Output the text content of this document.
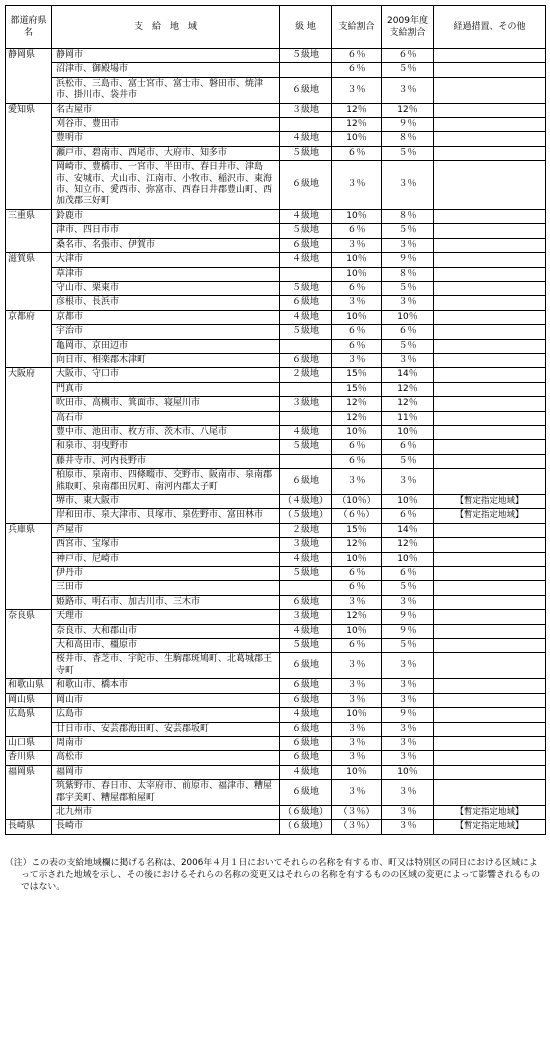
都道府県名	支　給　地　域	級 地	支給割合	2009年度支給割合	経過措置、その他
静岡県	静岡市	５級地	６％	６％	
	沼津市、御殿場市		６％	５％	
	浜松市、三島市、富士宮市、富士市、磐田市、焼津市、掛川市、袋井市	６級地	３％	３％	
愛知県	名古屋市	３級地	12％	12％	
	刈谷市、豊田市		12％	９％	
	豊明市	４級地	10％	８％	
	瀬戸市、碧南市、西尾市、大府市、知多市	５級地	６％	５％	
	岡崎市、豊橋市、一宮市、半田市、春日井市、津島市、安城市、犬山市、江南市、小牧市、稲沢市、東海市、知立市、愛西市、弥富市、西春日井郡豊山町、西加茂郡三好町	６級地	３％	３％	
三重県	鈴鹿市	４級地	10％	８％	
	津市、四日市市	５級地	６％	５％	
	桑名市、名張市、伊賀市	６級地	３％	３％	
滋賀県	大津市	４級地	10％	９％	
	草津市		10％	８％	
	守山市、栗東市	５級地	６％	５％	
	彦根市、長浜市	６級地	３％	３％	
京都府	京都市	４級地	10％	10％	
	宇治市	５級地	６％	６％	
	亀岡市、京田辺市		６％	５％	
	向日市、相楽郡木津町	６級地	３％	３％	
大阪府	大阪市、守口市	２級地	15％	14％	
	門真市		15％	12％	
	吹田市、高槻市、箕面市、寝屋川市	３級地	12％	12％	
	高石市		12％	11％	
	豊中市、池田市、枚方市、茨木市、八尾市	４級地	10％	10％	
	和泉市、羽曳野市	５級地	６％	６％	
	藤井寺市、河内長野市		６％	５％	
	柏原市、泉南市、四條畷市、交野市、阪南市、泉南郡熊取町、泉南郡田尻町、南河内郡太子町	６級地	３％	３％	
	堺市、東大阪市	（４級地）	（10％）	10％	【暫定指定地域】
	岸和田市、泉大津市、貝塚市、泉佐野市、富田林市	（５級地）	（６％）	６％	【暫定指定地域】
兵庫県	芦屋市	２級地	15％	14％	
	西宮市、宝塚市	３級地	12％	12％	
	神戸市、尼崎市	４級地	10％	10％	
	伊丹市	５級地	６％	６％	
	三田市		６％	５％	
	姫路市、明石市、加古川市、三木市	６級地	３％	３％	
奈良県	天理市	３級地	12％	９％	
	奈良市、大和郡山市	４級地	10％	９％	
	大和高田市、橿原市	５級地	６％	５％	
	桜井市、香芝市、宇陀市、生駒郡斑鳩町、北葛城郡王寺町	６級地	３％	３％	
和歌山県	和歌山市、橋本市	６級地	３％	３％	
岡山県	岡山市	６級地	３％	３％	
広島県	広島市	４級地	10％	９％	
	廿日市市、安芸郡海田町、安芸郡坂町	６級地	３％	３％	
山口県	周南市	６級地	３％	３％	
香川県	高松市	６級地	３％	３％	
福岡県	福岡市	４級地	10％	10％	
	筑紫野市、春日市、太宰府市、前原市、福津市、糟屋郡宇美町、糟屋郡粕屋町	６級地	３％	３％	
	北九州市	（６級地）	（３％）	３％	【暫定指定地域】
長崎県	長崎市	（６級地）	（３％）	３％	【暫定指定地域】
（注）この表の支給地域欄に掲げる名称は、2006年４月１日においてそれらの名称を有する市、町又は特別区の同日における区域によって示された地域を示し、その後におけるそれらの名称の変更又はそれらの名称を有するものの区域の変更によって影響されるものではない。
